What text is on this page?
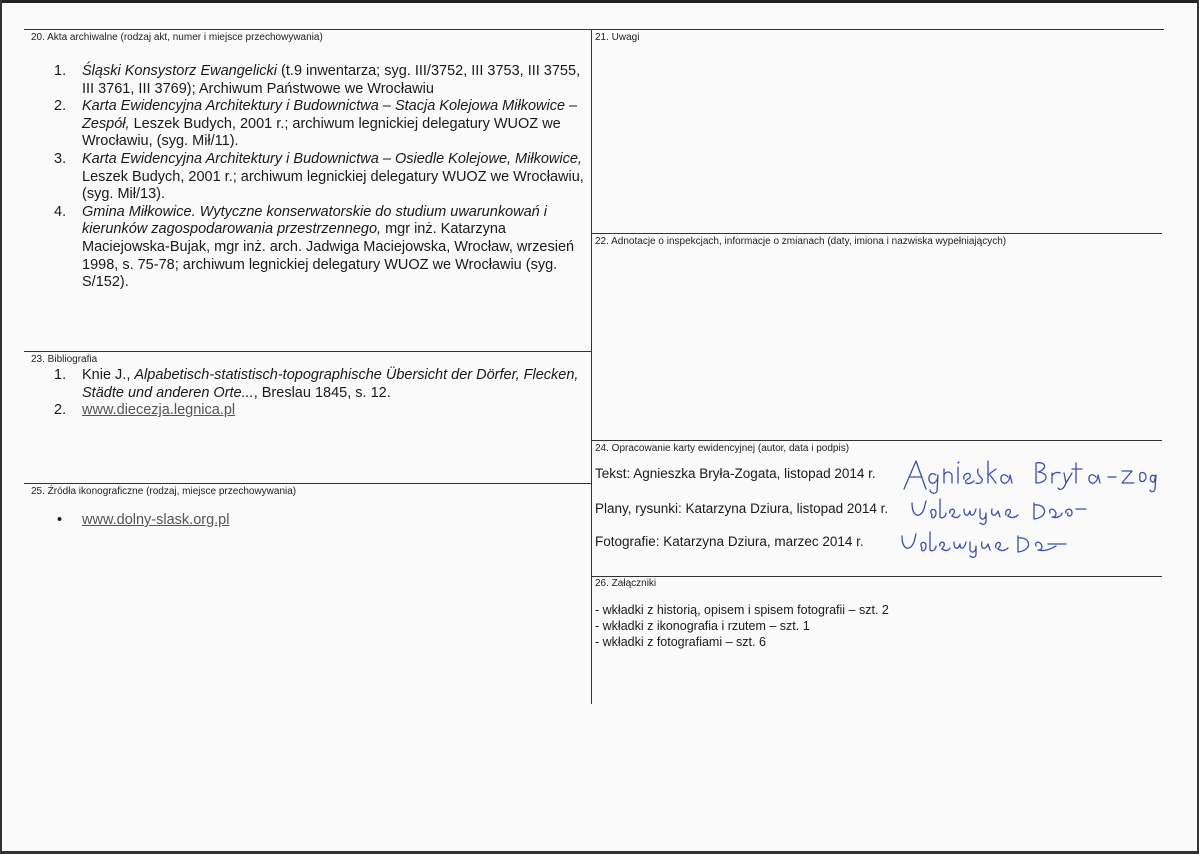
20. Akta archiwalne (rodzaj akt, numer i miejsce przechowywania)
1. Śląski Konsystorz Ewangelicki (t.9 inwentarza; syg. III/3752, III 3753, III 3755, III 3761, III 3769); Archiwum Państwowe we Wrocławiu
2. Karta Ewidencyjna Architektury i Budownictwa – Stacja Kolejowa Miłkowice – Zespół, Leszek Budych, 2001 r.; archiwum legnickiej delegatury WUOZ we Wrocławiu, (syg. Mił/11).
3. Karta Ewidencyjna Architektury i Budownictwa – Osiedle Kolejowe, Miłkowice, Leszek Budych, 2001 r.; archiwum legnickiej delegatury WUOZ we Wrocławiu, (syg. Mił/13).
4. Gmina Miłkowice. Wytyczne konserwatorskie do studium uwarunkowań i kierunków zagospodarowania przestrzennego, mgr inż. Katarzyna Maciejowska-Bujak, mgr inż. arch. Jadwiga Maciejowska, Wrocław, wrzesień 1998, s. 75-78; archiwum legnickiej delegatury WUOZ we Wrocławiu (syg. S/152).
21. Uwagi
22. Adnotacje o inspekcjach, informacje o zmianach (daty, imiona i nazwiska wypełniających)
23. Bibliografia
1. Knie J., Alpabetisch-statistisch-topographische Übersicht der Dörfer, Flecken, Städte und anderen Orte..., Breslau 1845, s. 12.
2. www.diecezja.legnica.pl
24. Opracowanie karty ewidencyjnej (autor, data i podpis)
Tekst: Agnieszka Bryła-Zogata, listopad 2014 r.
Plany, rysunki: Katarzyna Dziura, listopad 2014 r.
Fotografie: Katarzyna Dziura, marzec 2014 r.
25. Źródła ikonograficzne (rodzaj, miejsce przechowywania)
• www.dolny-slask.org.pl
26. Załączniki
- wkładki z historią, opisem i spisem fotografii – szt. 2
- wkładki z ikonografia i rzutem – szt. 1
- wkładki z fotografiami – szt. 6
